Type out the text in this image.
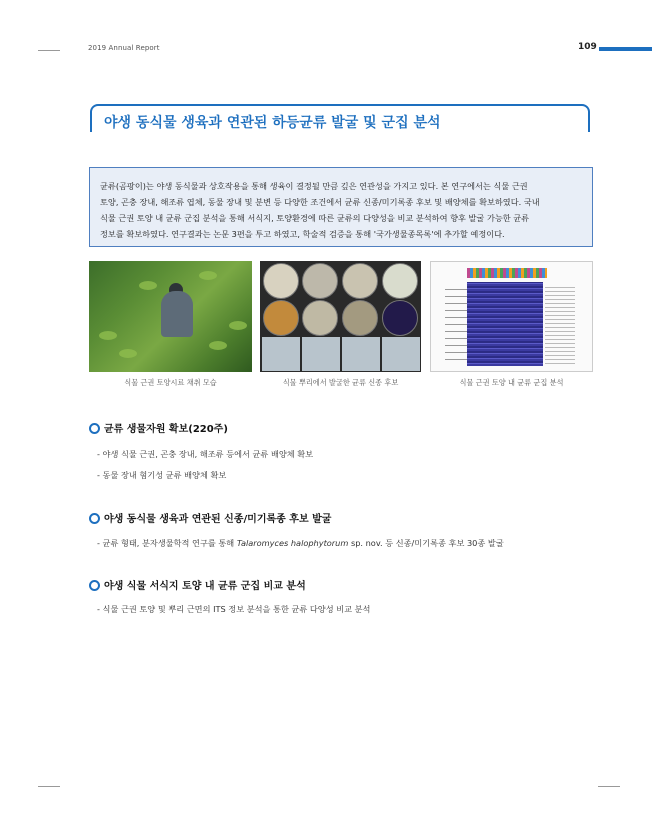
2019 Annual Report	109
야생 동식물 생육과 연관된 하등균류 발굴 및 군집 분석
균류(곰팡이)는 야생 동식물과 상호작용을 통해 생육이 결정될 만큼 깊은 연관성을 가지고 있다. 본 연구에서는 식물 근권
토양, 곤충 장내, 해조류 엽체, 동물 장내 및 분변 등 다양한 조건에서 균류 신종/미기록종 후보 및 배양체를 확보하였다. 국내
식물 근권 토양 내 균류 군집 분석을 통해 서식지, 토양환경에 따른 균류의 다양성을 비교 분석하여 향후 발굴 가능한 균류
정보를 확보하였다. 연구결과는 논문 3편을 투고 하였고, 학술적 검증을 통해 '국가생물종목록'에 추가할 예정이다.
식물 근권 토양시료 채취 모습	식물 뿌리에서 발굴한 균류 신종 후보	식물 근권 토양 내 균류 군집 분석
균류 생물자원 확보(220주)
- 야생 식물 근권, 곤충 장내, 해조류 등에서 균류 배양체 확보
- 동물 장내 혐기성 균류 배양체 확보
야생 동식물 생육과 연관된 신종/미기록종 후보 발굴
- 균류 형태, 분자생물학적 연구를 통해 Talaromyces halophytorum sp. nov. 등 신종/미기록종 후보 30종 발굴
야생 식물 서식지 토양 내 균류 군집 비교 분석
- 식물 근권 토양 및 뿌리 근면의 ITS 정보 분석을 통한 균류 다양성 비교 분석
